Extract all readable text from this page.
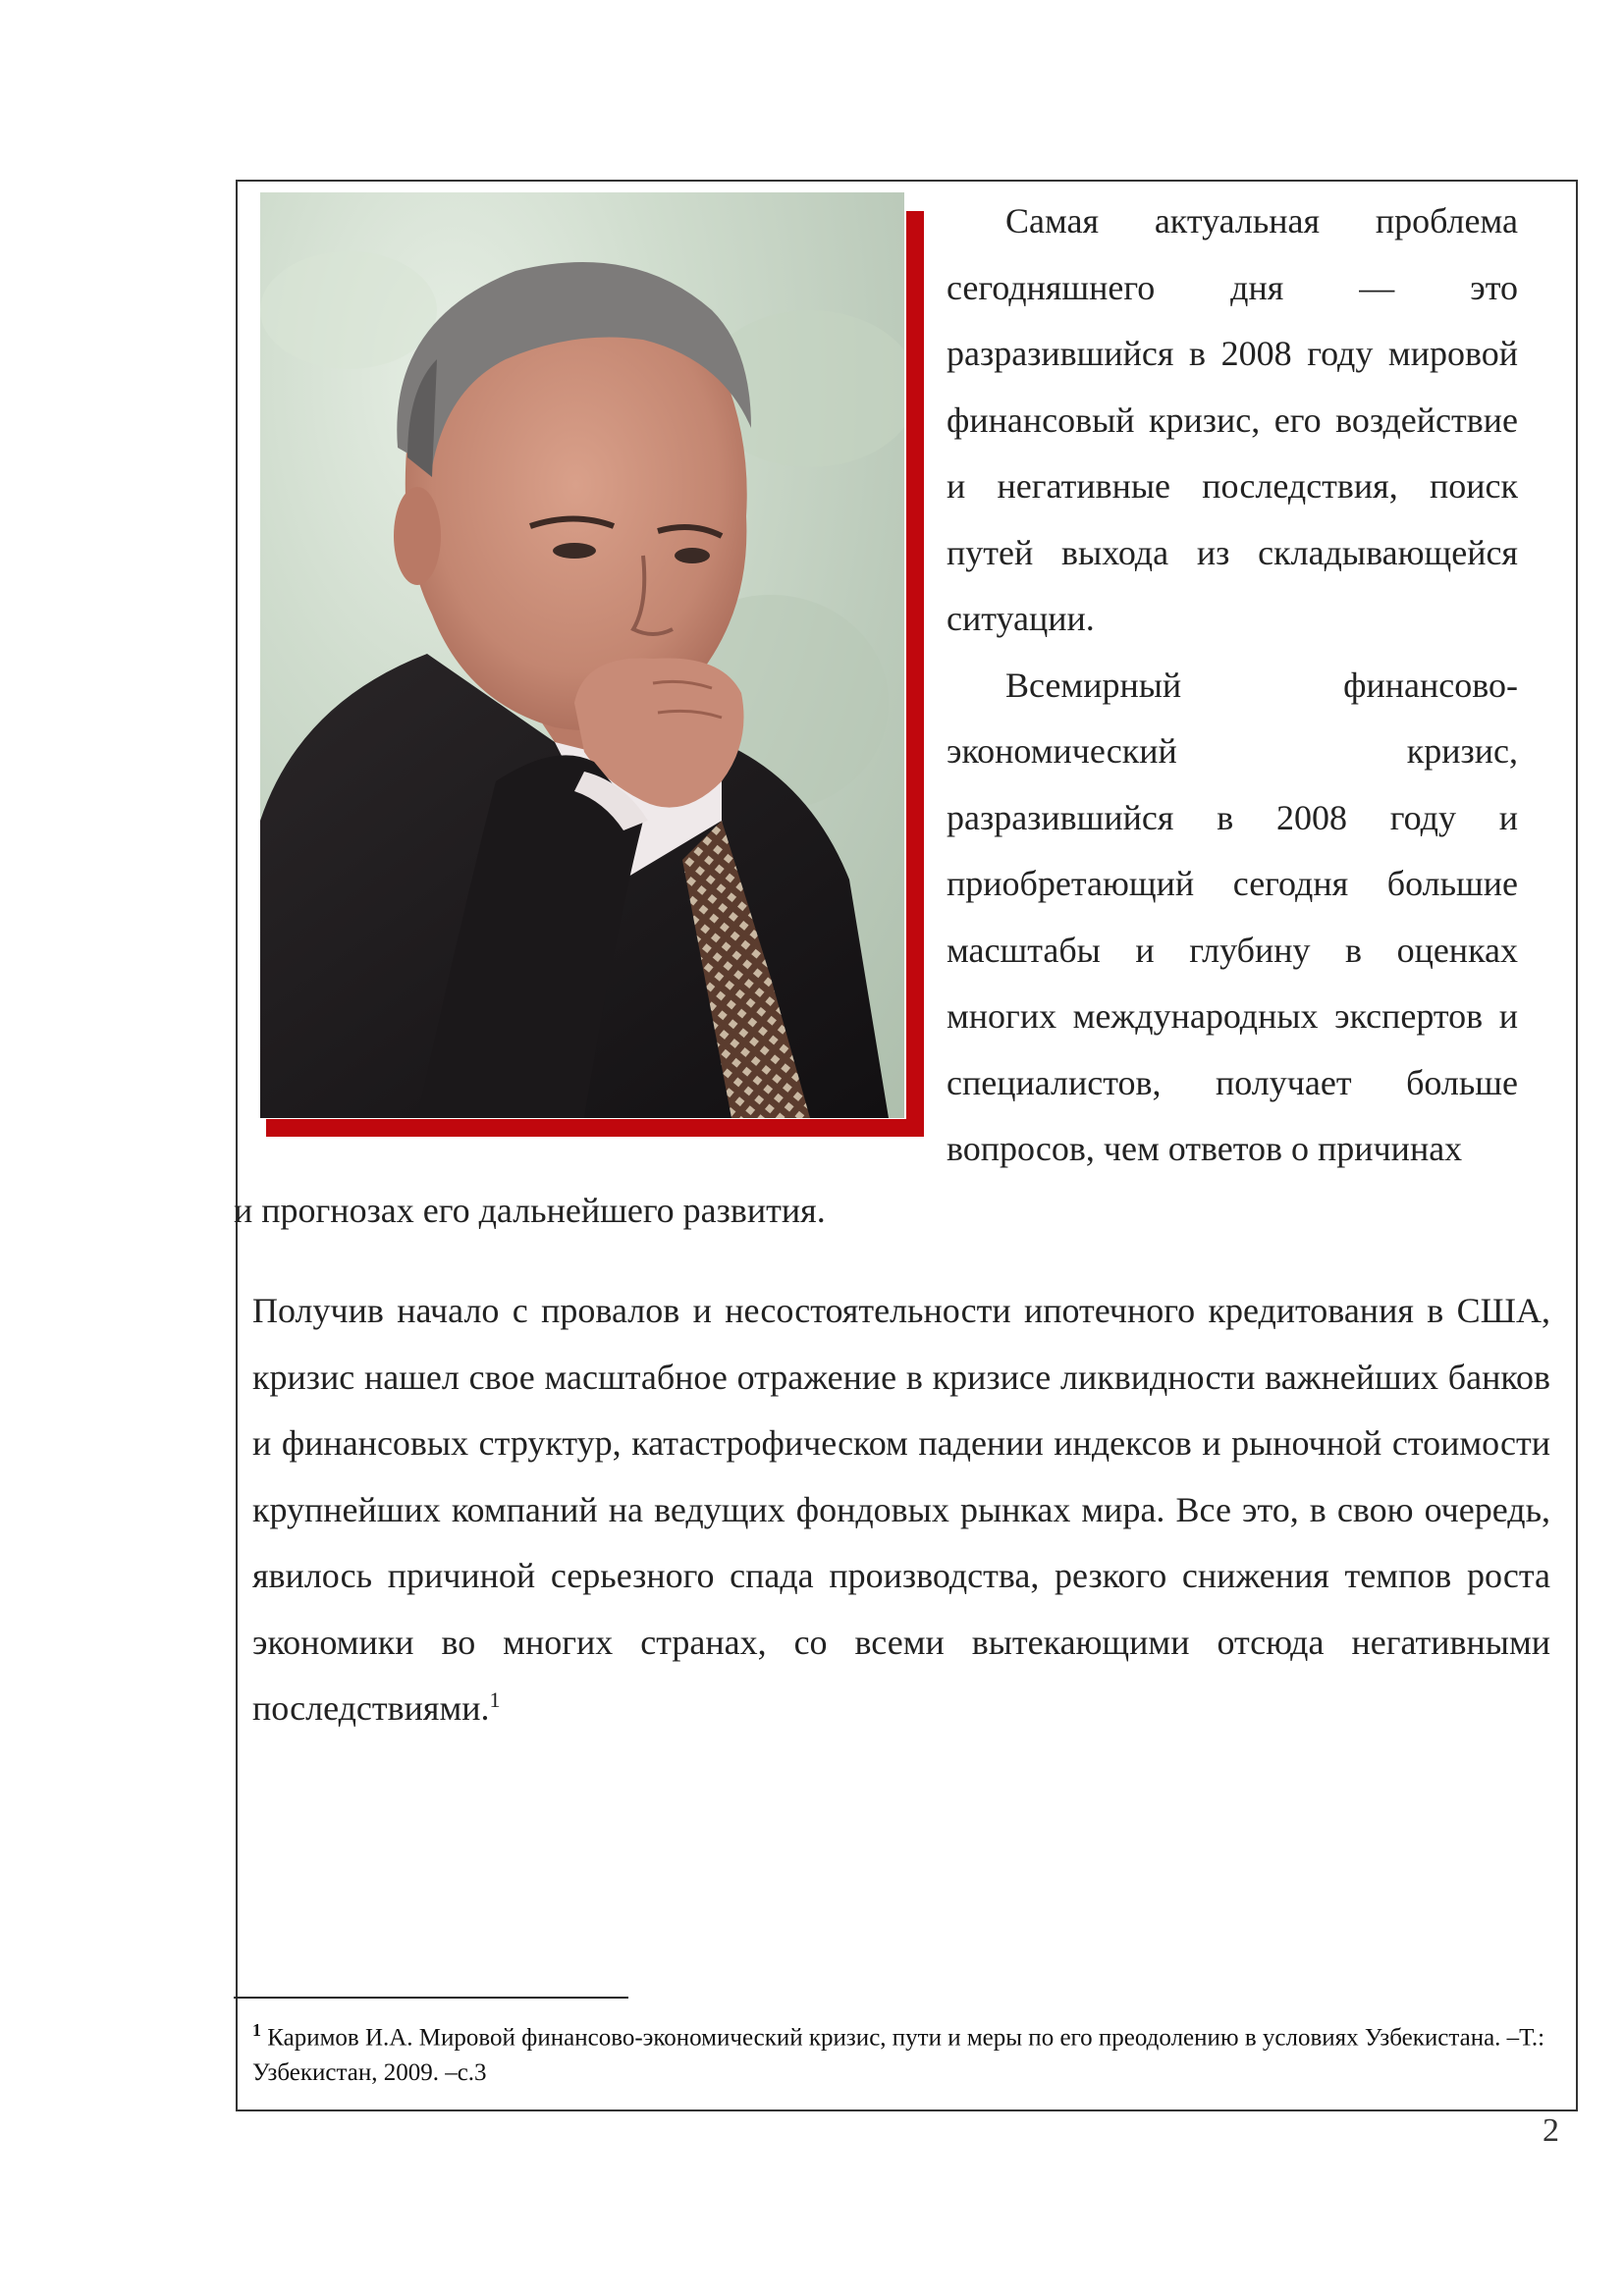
Самая актуальная проблема сегодняшнего дня — это разразившийся в 2008 году мировой финансовый кризис, его воздействие и негативные последствия, поиск путей выхода из складывающейся ситуации.

Всемирный финансово-экономический кризис, разразившийся в 2008 году и приобретающий сегодня большие масштабы и глубину в оценках многих международных экспертов и специалистов, получает больше вопросов, чем ответов о причинах

и прогнозах его дальнейшего развития.

Получив начало с провалов и несостоятельности ипотечного кредитования в США, кризис нашел свое масштабное отражение в кризисе ликвидности важнейших банков и финансовых структур, катастрофическом падении индексов и рыночной стоимости крупнейших компаний на ведущих фондовых рынках мира. Все это, в свою очередь, явилось причиной серьезного спада производства, резкого снижения темпов роста экономики во многих странах, со всеми вытекающими отсюда негативными последствиями.$^1$

$^1$ Каримов И.А. Мировой финансово-экономический кризис, пути и меры по его преодолению в условиях Узбекистана. –Т.: Узбекистан, 2009. –с.3
2
